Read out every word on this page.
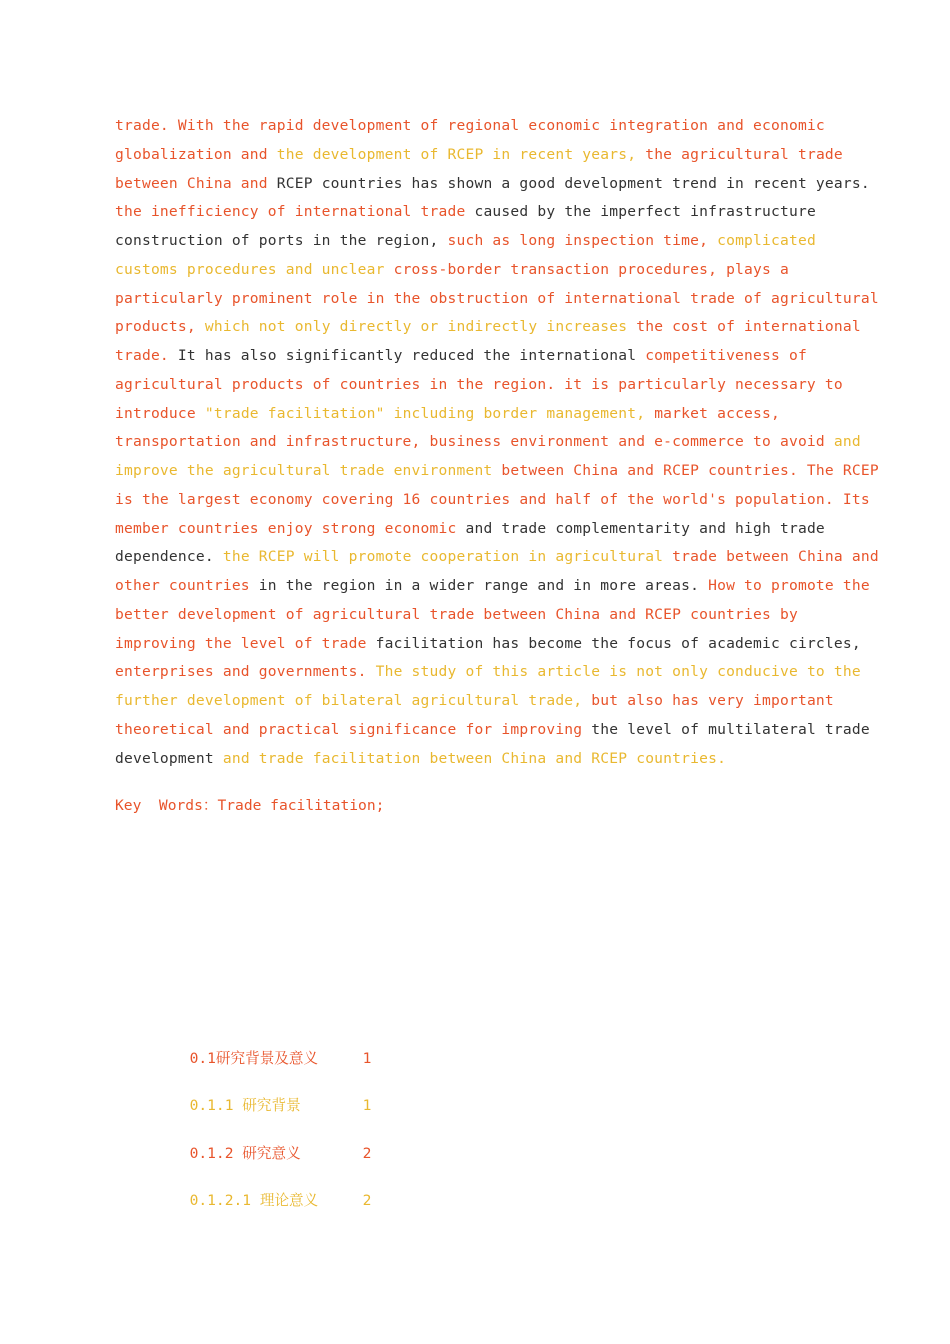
trade. With the rapid development of regional economic integration and economic
globalization and the development of RCEP in recent years, the agricultural trade
between China and RCEP countries has shown a good development trend in recent years.
the inefficiency of international trade caused by the imperfect infrastructure
construction of ports in the region, such as long inspection time, complicated
customs procedures and unclear cross-border transaction procedures, plays a
particularly prominent role in the obstruction of international trade of agricultural
products, which not only directly or indirectly increases the cost of international
trade. It has also significantly reduced the international competitiveness of
agricultural products of countries in the region. it is particularly necessary to
introduce "trade facilitation" including border management, market access,
transportation and infrastructure, business environment and e-commerce to avoid and
improve the agricultural trade environment between China and RCEP countries. The RCEP
is the largest economy covering 16 countries and half of the world's population. Its
member countries enjoy strong economic and trade complementarity and high trade
dependence. the RCEP will promote cooperation in agricultural trade between China and
other countries in the region in a wider range and in more areas. How to promote the
better development of agricultural trade between China and RCEP countries by
improving the level of trade facilitation has become the focus of academic circles,
enterprises and governments. The study of this article is not only conducive to the
further development of bilateral agricultural trade, but also has very important
theoretical and practical significance for improving the level of multilateral trade
development and trade facilitation between China and RCEP countries.
Key  Words：Trade facilitation;

0.1研究背景及意义	1

0.1.1 研究背景	1

0.1.2 研究意义	2

0.1.2.1 理论意义	2
